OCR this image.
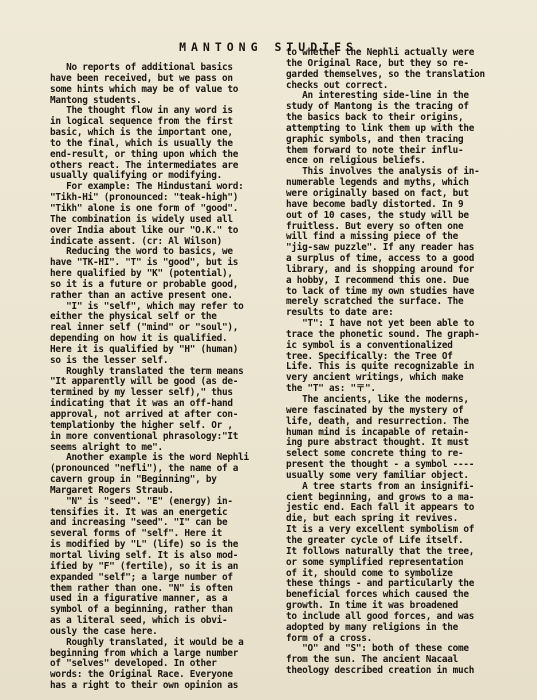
MANTONG STUDIES
No reports of additional basics
have been received, but we pass on
some hints which may be of value to
Mantong students.
The thought flow in any word is
in logical sequence from the first
basic, which is the important one,
to the final, which is usually the
end-result, or thing upon which the
others react. The intermediates are
usually qualifying or modifying.
For example: The Hindustani word:
"Tikh-Hi" (pronounced: "teak-high")
"Tikh" alone is one form of "good".
The combination is widely used all
over India about like our "O.K." to
indicate assent. (cr: Al Wilson)
Reducing the word to basics, we
have "TK-HI". "T" is "good", but is
here qualified by "K" (potential),
so it is a future or probable good,
rather than an active present one.
"I" is "self", which may refer to
either the physical self or the
real inner self ("mind" or "soul"),
depending on how it is qualified.
Here it is qualified by "H" (human)
so is the lesser self.
Roughly translated the term means
"It apparently will be good (as de-
termined by my lesser self)," thus
indicating that it was an off-hand
approval, not arrived at after con-
templationby the higher self. Or ,
in more conventional phrasology:"It
seems alright to me".
Another example is the word Nephli
(pronounced "nefli"), the name of a
cavern group in "Beginning", by
Margaret Rogers Straub.
"N" is "seed". "E" (energy) in-
tensifies it. It was an energetic
and increasing "seed". "I" can be
several forms of "self". Here it
is modified by "L" (life) so is the
mortal living self. It is also mod-
ified by "F" (fertile), so it is an
expanded "self"; a large number of
them rather than one. "N" is often
used in a figurative manner, as a
symbol of a beginning, rather than
as a literal seed, which is obvi-
ously the case here.
Roughly translated, it would be a
beginning from which a large number
of "selves" developed. In other
words: the Original Race. Everyone
has a right to their own opinion as
to whether the Nephli actually were
the Original Race, but they so re-
garded themselves, so the translation
checks out correct.
An interesting side-line in the
study of Mantong is the tracing of
the basics back to their origins,
attempting to link them up with the
graphic symbols, and then tracing
them forward to note their influ-
ence on religious beliefs.
This involves the analysis of in-
numerable legends and myths, which
were originally based on fact, but
have become badly distorted. In 9
out of 10 cases, the study will be
fruitless. But every so often one
will find a missing piece of the
"jig-saw puzzle". If any reader has
a surplus of time, access to a good
library, and is shopping around for
a hobby, I recommend this one. Due
to lack of time my own studies have
merely scratched the surface. The
results to date are:
"T": I have not yet been able to
trace the phonetic sound. The graph-
ic symbol is a conventionalized
tree. Specifically: the Tree Of
Life. This is quite recognizable in
very ancient writings, which make
the "T" as: "〒".
The ancients, like the moderns,
were fascinated by the mystery of
life, death, and resurrection. The
human mind is incapable of retain-
ing pure abstract thought. It must
select some concrete thing to re-
present the thought - a symbol ----
usually some very familiar object.
A tree starts from an insignifi-
cient beginning, and grows to a ma-
jestic end. Each fall it appears to
die, but each spring it revives.
It is a very excellent symbolism of
the greater cycle of Life itself.
It follows naturally that the tree,
or some symplified representation
of it, should come to symbolize
these things - and particularly the
beneficial forces which caused the
growth. In time it was broadened
to include all good forces, and was
adopted by many religions in the
form of a cross.
"O" and "S": both of these come
from the sun. The ancient Nacaal
theology described creation in much
